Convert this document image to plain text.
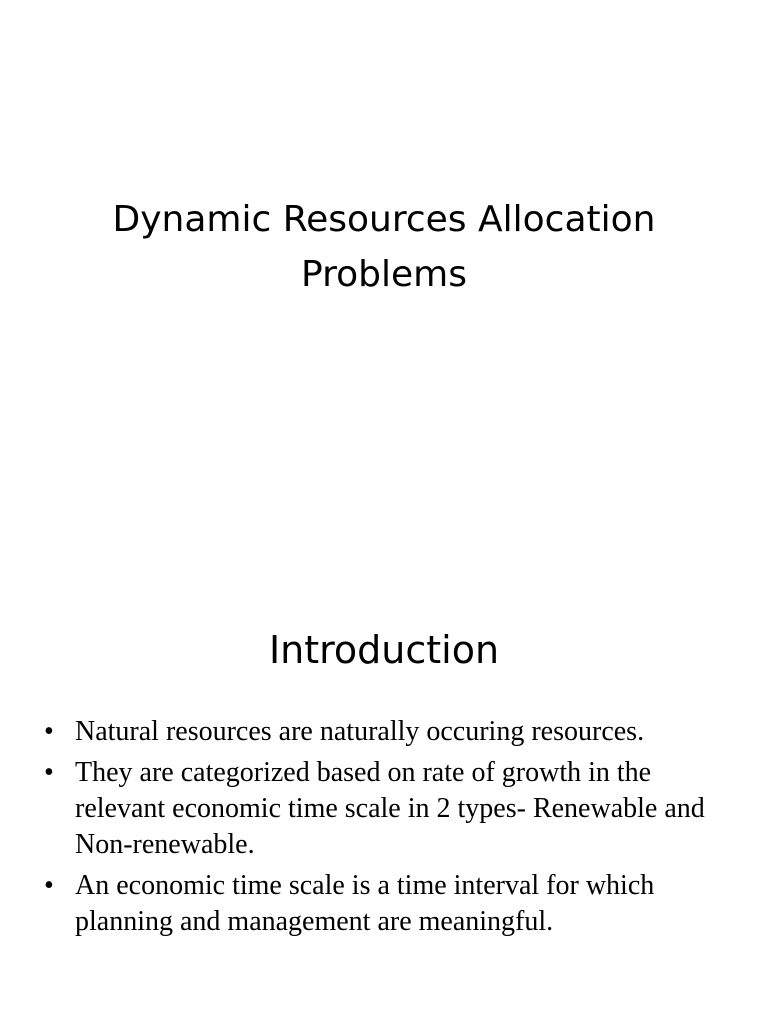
Dynamic Resources Allocation
Problems
Introduction
• Natural resources are naturally occuring resources.
• They are categorized based on rate of growth in the relevant economic time scale in 2 types- Renewable and Non-renewable.
• An economic time scale is a time interval for which planning and management are meaningful.
